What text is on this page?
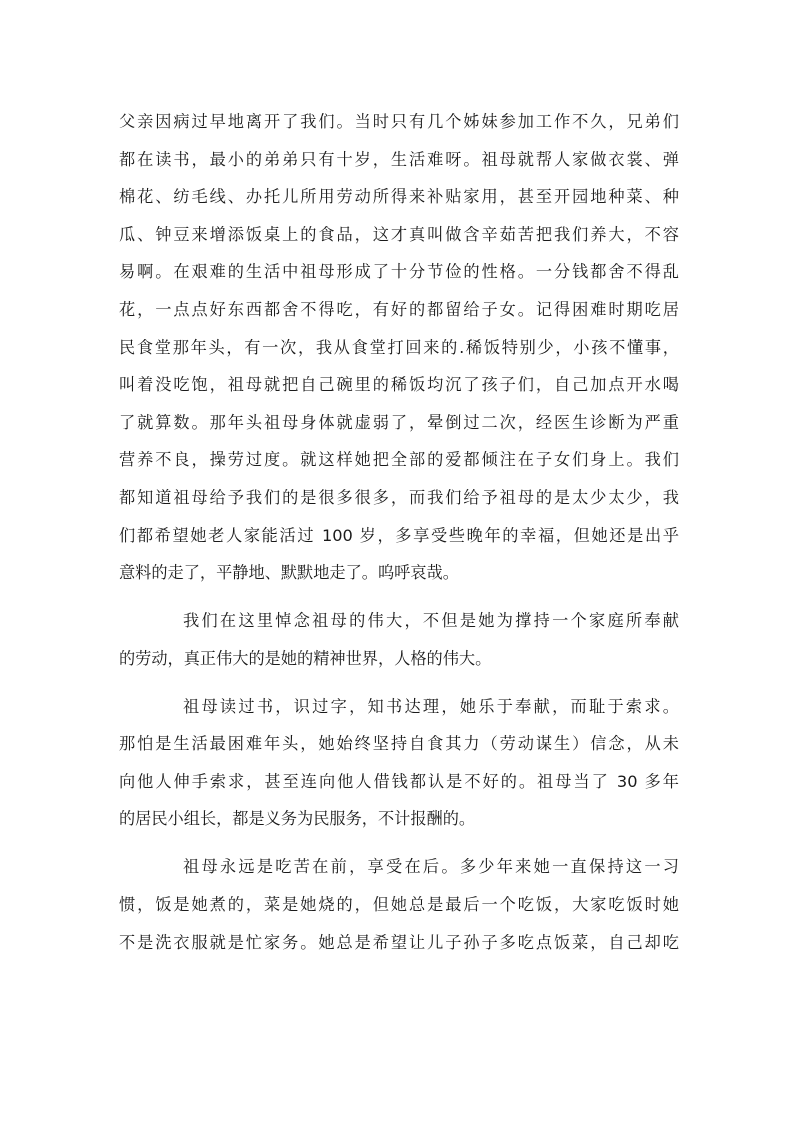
父亲因病过早地离开了我们。当时只有几个姊妹参加工作不久，兄弟们
都在读书，最小的弟弟只有十岁，生活难呀。祖母就帮人家做衣裳、弹
棉花、纺毛线、办托儿所用劳动所得来补贴家用，甚至开园地种菜、种
瓜、钟豆来增添饭桌上的食品，这才真叫做含辛茹苦把我们养大，不容
易啊。在艰难的生活中祖母形成了十分节俭的性格。一分钱都舍不得乱
花，一点点好东西都舍不得吃，有好的都留给子女。记得困难时期吃居
民食堂那年头，有一次，我从食堂打回来的.稀饭特别少，小孩不懂事，
叫着没吃饱，祖母就把自己碗里的稀饭均沉了孩子们，自己加点开水喝
了就算数。那年头祖母身体就虚弱了，晕倒过二次，经医生诊断为严重
营养不良，操劳过度。就这样她把全部的爱都倾注在子女们身上。我们
都知道祖母给予我们的是很多很多，而我们给予祖母的是太少太少，我
们都希望她老人家能活过 100 岁，多享受些晚年的幸福，但她还是出乎
意料的走了，平静地、默默地走了。呜呼哀哉。
我们在这里悼念祖母的伟大，不但是她为撑持一个家庭所奉献
的劳动，真正伟大的是她的精神世界，人格的伟大。
祖母读过书，识过字，知书达理，她乐于奉献，而耻于索求。
那怕是生活最困难年头，她始终坚持自食其力（劳动谋生）信念，从未
向他人伸手索求，甚至连向他人借钱都认是不好的。祖母当了 30 多年
的居民小组长，都是义务为民服务，不计报酬的。
祖母永远是吃苦在前，享受在后。多少年来她一直保持这一习
惯，饭是她煮的，菜是她烧的，但她总是最后一个吃饭，大家吃饭时她
不是洗衣服就是忙家务。她总是希望让儿子孙子多吃点饭菜，自己却吃
